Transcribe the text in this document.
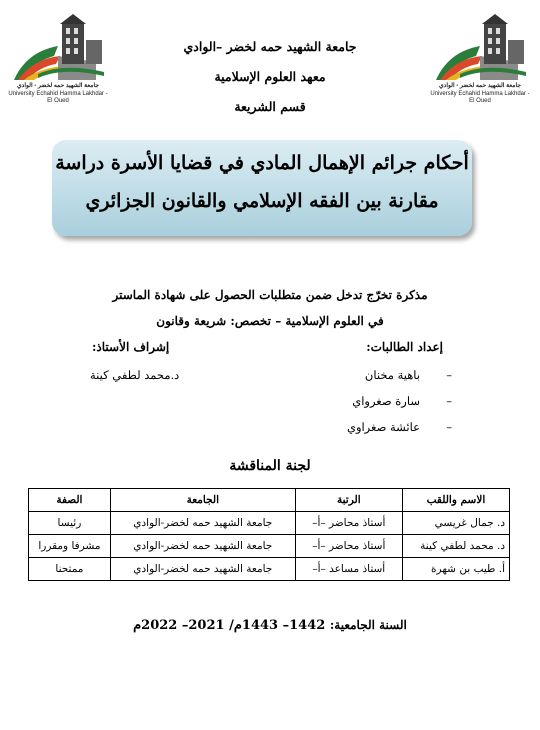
جامعة الشهيد حمه لخضر - الوادي
University Echahid Hamma Lakhdar - El Oued
جامعة الشهيد حمه لخضر - الوادي
University Echahid Hamma Lakhdar - El Oued
جامعة الشهيد حمه لخضر –الوادي
معهد العلوم الإسلامية
قسم الشريعة
أحكام جرائم الإهمال المادي في قضايا الأسرة دراسة
مقارنة بين الفقه الإسلامي والقانون الجزائري
مذكرة تخرّج تدخل ضمن متطلبات الحصول على شهادة الماستر
في العلوم الإسلامية – تخصص: شريعة وقانون
إعداد الطالبات:
إشراف الأستاذ:
–باهية مخنان
–سارة صغرواي
–عائشة صغراوي
د.محمد لطفي كينة
لجنة المناقشة
الاسم واللقب	الرتبة	الجامعة	الصفة
د. جمال غريسي	أستاذ محاضر –أ–	جامعة الشهيد حمه لخضر-الوادي	رئيسا
د. محمد لطفي كينة	أستاذ محاضر –أ–	جامعة الشهيد حمه لخضر-الوادي	مشرفا ومقررا
أ. طيب بن شهرة	أستاذ مساعد –أ–	جامعة الشهيد حمه لخضر-الوادي	ممتحنا
السنة الجامعية: 1442– 1443م/ 2021– 2022م
